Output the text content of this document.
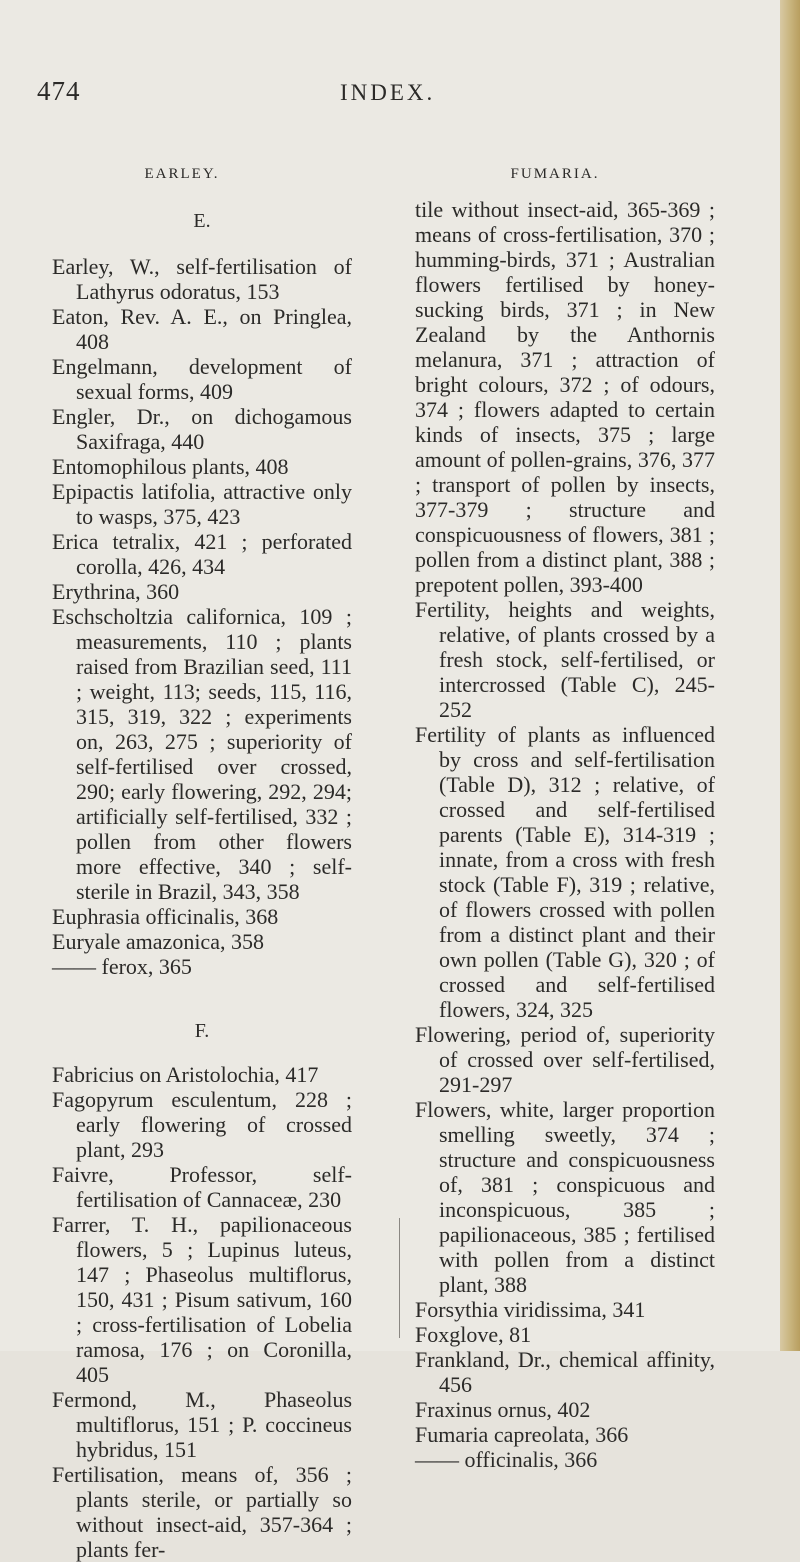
474	INDEX.
EARLEY.
E.

Earley, W., self-fertilisation of Lathyrus odoratus, 153

Eaton, Rev. A. E., on Pringlea, 408

Engelmann, development of sexual forms, 409

Engler, Dr., on dichogamous Saxifraga, 440

Entomophilous plants, 408

Epipactis latifolia, attractive only to wasps, 375, 423

Erica tetralix, 421 ; perforated corolla, 426, 434

Erythrina, 360

Eschscholtzia californica, 109 ; measurements, 110 ; plants raised from Brazilian seed, 111 ; weight, 113; seeds, 115, 116, 315, 319, 322 ; experiments on, 263, 275 ; superiority of self-fertilised over crossed, 290; early flowering, 292, 294; artificially self-fertilised, 332 ; pollen from other flowers more effective, 340 ; self-sterile in Brazil, 343, 358

Euphrasia officinalis, 368

Euryale amazonica, 358

—— ferox, 365

F.

Fabricius on Aristolochia, 417

Fagopyrum esculentum, 228 ; early flowering of crossed plant, 293

Faivre, Professor, self-fertilisation of Cannaceæ, 230

Farrer, T. H., papilionaceous flowers, 5 ; Lupinus luteus, 147 ; Phaseolus multiflorus, 150, 431 ; Pisum sativum, 160 ; cross-fertilisation of Lobelia ramosa, 176 ; on Coronilla, 405

Fermond, M., Phaseolus multiflorus, 151 ; P. coccineus hybridus, 151

Fertilisation, means of, 356 ; plants sterile, or partially so without insect-aid, 357-364 ; plants fer-

FUMARIA.

tile without insect-aid, 365-369 ; means of cross-fertilisation, 370 ; humming-birds, 371 ; Australian flowers fertilised by honey-sucking birds, 371 ; in New Zealand by the Anthornis melanura, 371 ; attraction of bright colours, 372 ; of odours, 374 ; flowers adapted to certain kinds of insects, 375 ; large amount of pollen-grains, 376, 377 ; transport of pollen by insects, 377-379 ; structure and conspicuousness of flowers, 381 ; pollen from a distinct plant, 388 ; prepotent pollen, 393-400

Fertility, heights and weights, relative, of plants crossed by a fresh stock, self-fertilised, or intercrossed (Table C), 245-252

Fertility of plants as influenced by cross and self-fertilisation (Table D), 312 ; relative, of crossed and self-fertilised parents (Table E), 314-319 ; innate, from a cross with fresh stock (Table F), 319 ; relative, of flowers crossed with pollen from a distinct plant and their own pollen (Table G), 320 ; of crossed and self-fertilised flowers, 324, 325

Flowering, period of, superiority of crossed over self-fertilised, 291-297

Flowers, white, larger proportion smelling sweetly, 374 ; structure and conspicuousness of, 381 ; conspicuous and inconspicuous, 385 ; papilionaceous, 385 ; fertilised with pollen from a distinct plant, 388

Forsythia viridissima, 341

Foxglove, 81

Frankland, Dr., chemical affinity, 456

Fraxinus ornus, 402

Fumaria capreolata, 366

—— officinalis, 366
